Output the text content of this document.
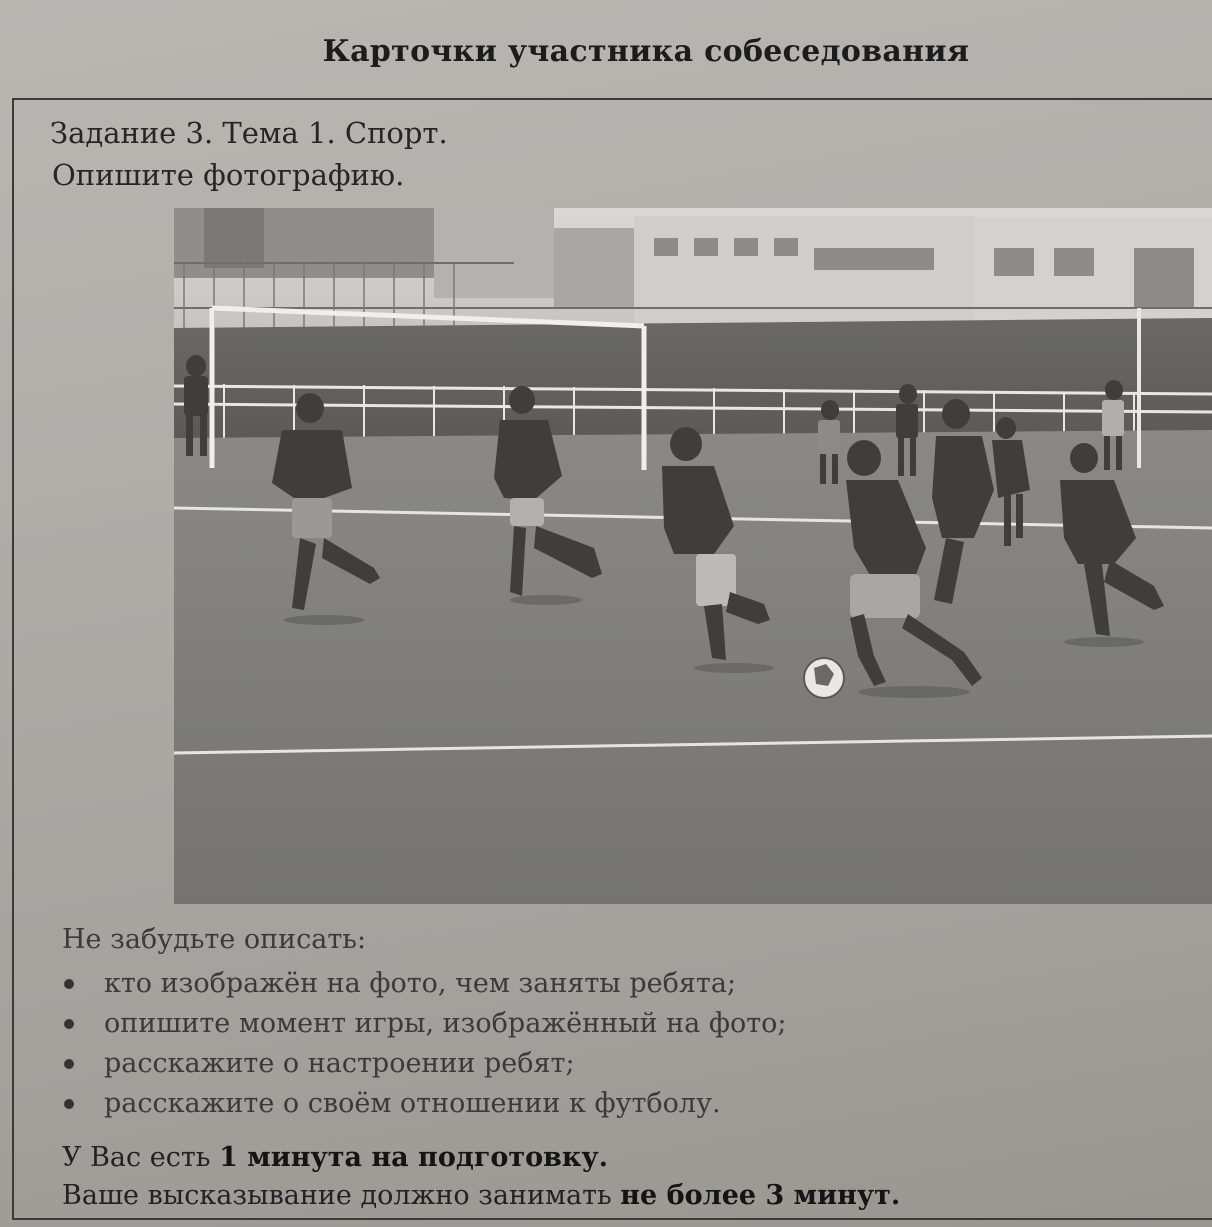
Карточки участника собеседования
Задание 3. Тема 1. Спорт.
Опишите фотографию.
Не забудьте описать:
кто изображён на фото, чем заняты ребята;
опишите момент игры, изображённый на фото;
расскажите о настроении ребят;
расскажите о своём отношении к футболу.
У Вас есть 1 минута на подготовку.
Ваше высказывание должно занимать не более 3 минут.
